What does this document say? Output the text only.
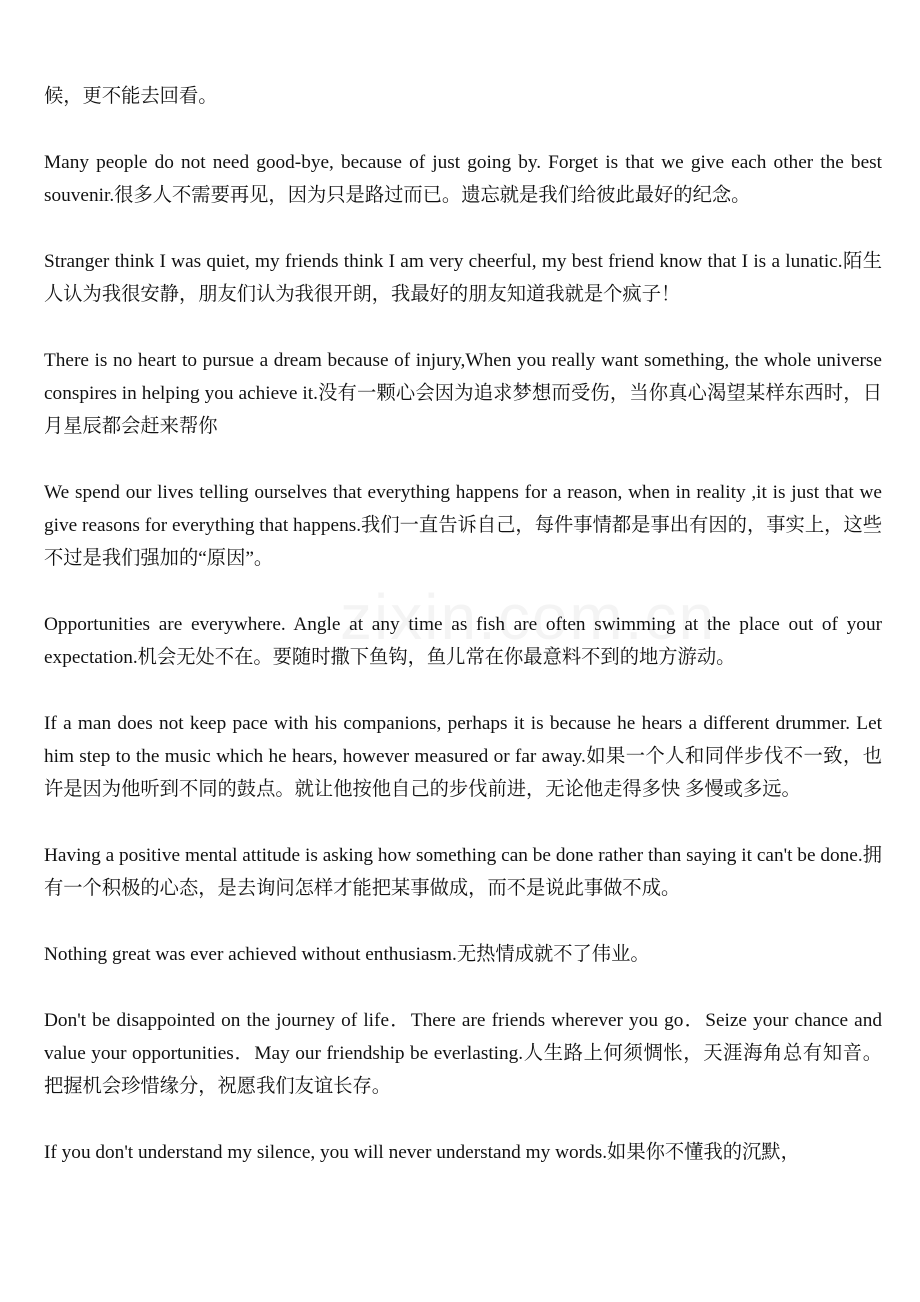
候，更不能去回看。

Many people do not need good-bye, because of just going by. Forget is that we give each other the best souvenir.很多人不需要再见，因为只是路过而已。遗忘就是我们给彼此最好的纪念。

Stranger think I was quiet, my friends think I am very cheerful, my best friend know that I is a lunatic.陌生人认为我很安静，朋友们认为我很开朗，我最好的朋友知道我就是个疯子！

There is no heart to pursue a dream because of injury,When you really want something, the whole universe conspires in helping you achieve it.没有一颗心会因为追求梦想而受伤，当你真心渴望某样东西时，日月星辰都会赶来帮你

We spend our lives telling ourselves that everything happens for a reason, when in reality ,it is just that we give reasons for everything that happens.我们一直告诉自己，每件事情都是事出有因的，事实上，这些不过是我们强加的“原因”。

Opportunities are everywhere. Angle at any time as fish are often swimming at the place out of your expectation.机会无处不在。要随时撒下鱼钩，鱼儿常在你最意料不到的地方游动。

If a man does not keep pace with his companions, perhaps it is because he hears a different drummer. Let him step to the music which he hears, however measured or far away.如果一个人和同伴步伐不一致，也许是因为他听到不同的鼓点。就让他按他自己的步伐前进，无论他走得多快 多慢或多远。

Having a positive mental attitude is asking how something can be done rather than saying it can't be done.拥有一个积极的心态，是去询问怎样才能把某事做成，而不是说此事做不成。

Nothing great was ever achieved without enthusiasm.无热情成就不了伟业。

Don't be disappointed on the journey of life．There are friends wherever you go．Seize your chance and value your opportunities．May our friendship be everlasting.人生路上何须惆怅，天涯海角总有知音。把握机会珍惜缘分，祝愿我们友谊长存。

If you don't understand my silence, you will never understand my words.如果你不懂我的沉默，
